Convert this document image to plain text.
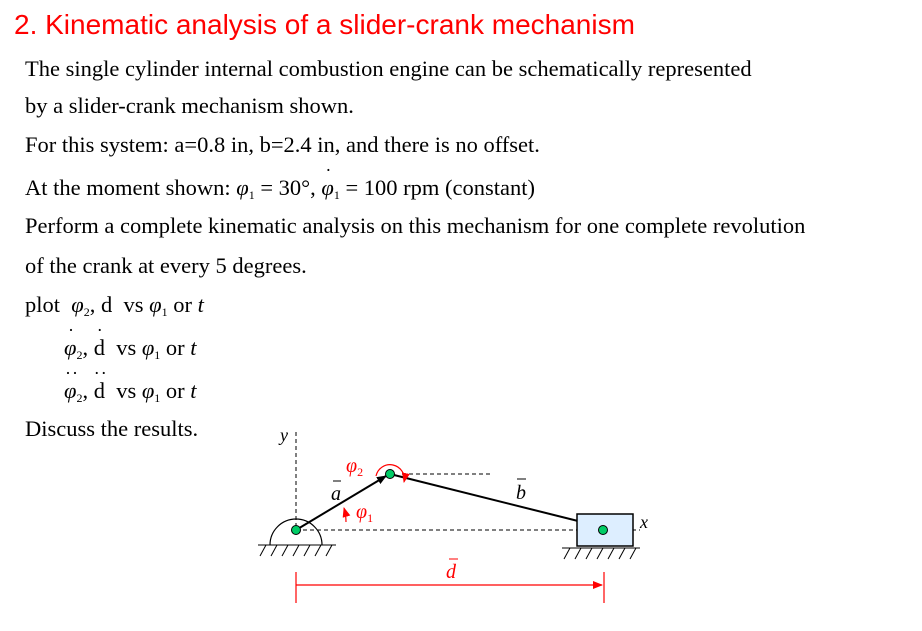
2. Kinematic analysis of a slider-crank mechanism
The single cylinder internal combustion engine can be schematically represented
by a slider-crank mechanism shown.
For this system: a=0.8 in, b=2.4 in, and there is no offset.
At the moment shown: $\varphi_1 = 30^\circ$,
·
$\varphi_1 = 100$ rpm (constant)
Perform a complete kinematic analysis on this mechanism for one complete revolution
of the crank at every 5 degrees.
plot $\varphi_2$, d vs $\varphi_1$ or t
·
$\varphi_2$,
·
d vs $\varphi_1$ or t
··
$\varphi_2$,
··
d vs $\varphi_1$ or t
Discuss the results.	y
x
a	b
$\varphi_2$
$\varphi_1$
d
